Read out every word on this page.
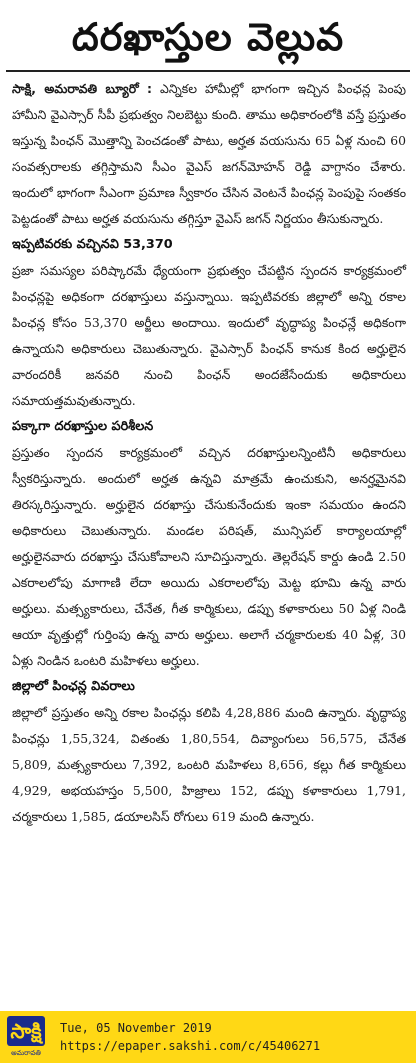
దరఖాస్తుల వెల్లువ

సాక్షి, అమరావతి బ్యూరో : ఎన్నికల హామీల్లో భాగంగా ఇచ్చిన పింఛన్ల పెంపు హామీని వైఎస్సార్ సీపీ ప్రభుత్వం నిలబెట్టు కుంది. తాము అధికారంలోకి వస్తే ప్రస్తుతం ఇస్తున్న పింఛన్ మొత్తాన్ని పెంచడంతో పాటు, అర్హత వయసును 65 ఏళ్ల నుంచి 60 సంవత్సరాలకు తగ్గిస్తామని సీఎం వైఎస్ జగన్‌మోహన్ రెడ్డి వాగ్దానం చేశారు. ఇందులో భాగంగా సీఎంగా ప్రమాణ స్వీకారం చేసిన వెంటనే పింఛన్ల పెంపుపై సంతకం పెట్టడంతో పాటు అర్హత వయసును తగ్గిస్తూ వైఎస్ జగన్ నిర్ణయం తీసుకున్నారు.

ఇప్పటివరకు వచ్చినవి 53,370

ప్రజా సమస్యల పరిష్కారమే ధ్యేయంగా ప్రభుత్వం చేపట్టిన స్పందన కార్యక్రమంలో పింఛన్లపై అధికంగా దరఖాస్తులు వస్తున్నాయి. ఇప్పటివరకు జిల్లాలో అన్ని రకాల పింఛన్ల కోసం 53,370 అర్జీలు అందాయి. ఇందులో వృద్ధాప్య పింఛన్లే అధికంగా ఉన్నాయని అధికారులు చెబుతున్నారు. వైఎస్సార్ పింఛన్ కానుక కింద అర్హులైన వారందరికీ జనవరి నుంచి పింఛన్ అందజేసేందుకు అధికారులు సమాయత్తమవుతున్నారు.

పక్కాగా దరఖాస్తుల పరిశీలన

ప్రస్తుతం స్పందన కార్యక్రమంలో వచ్చిన దరఖాస్తులన్నింటినీ అధికారులు స్వీకరిస్తున్నారు. అందులో అర్హత ఉన్నవి మాత్రమే ఉంచుకుని, అనర్హమైనవి తిరస్కరిస్తున్నారు. అర్హులైన దరఖాస్తు చేసుకునేందుకు ఇంకా సమయం ఉందని అధికారులు చెబుతున్నారు. మండల పరిషత్, మున్సిపల్ కార్యాలయాల్లో అర్హులైనవారు దరఖాస్తు చేసుకోవాలని సూచిస్తున్నారు. తెల్లరేషన్ కార్డు ఉండి 2.50 ఎకరాలలోపు మాగాణి లేదా అయిదు ఎకరాలలోపు మెట్ట భూమి ఉన్న వారు అర్హులు. మత్స్యకారులు, చేనేత, గీత కార్మికులు, డప్పు కళాకారులు 50 ఏళ్ల నిండి ఆయా వృత్తుల్లో గుర్తింపు ఉన్న వారు అర్హులు. అలాగే చర్మకారులకు 40 ఏళ్ల, 30 ఏళ్లు నిండిన ఒంటరి మహిళలు అర్హులు.

జిల్లాలో పింఛన్ల వివరాలు

జిల్లాలో ప్రస్తుతం అన్ని రకాల పింఛన్లు కలిపి 4,28,886 మంది ఉన్నారు. వృద్ధాప్య పింఛన్లు 1,55,324, వితంతు 1,80,554, దివ్యాంగులు 56,575, చేనేత 5,809, మత్స్యకారులు 7,392, ఒంటరి మహిళలు 8,656, కల్లు గీత కార్మికులు 4,929, అభయహస్తం 5,500, హిజ్రాలు 152, డప్పు కళాకారులు 1,791, చర్మకారులు 1,585, డయాలసిస్ రోగులు 619 మంది ఉన్నారు.

సాక్షి
అమరావతి
Tue, 05 November 2019
https://epaper.sakshi.com/c/45406271
